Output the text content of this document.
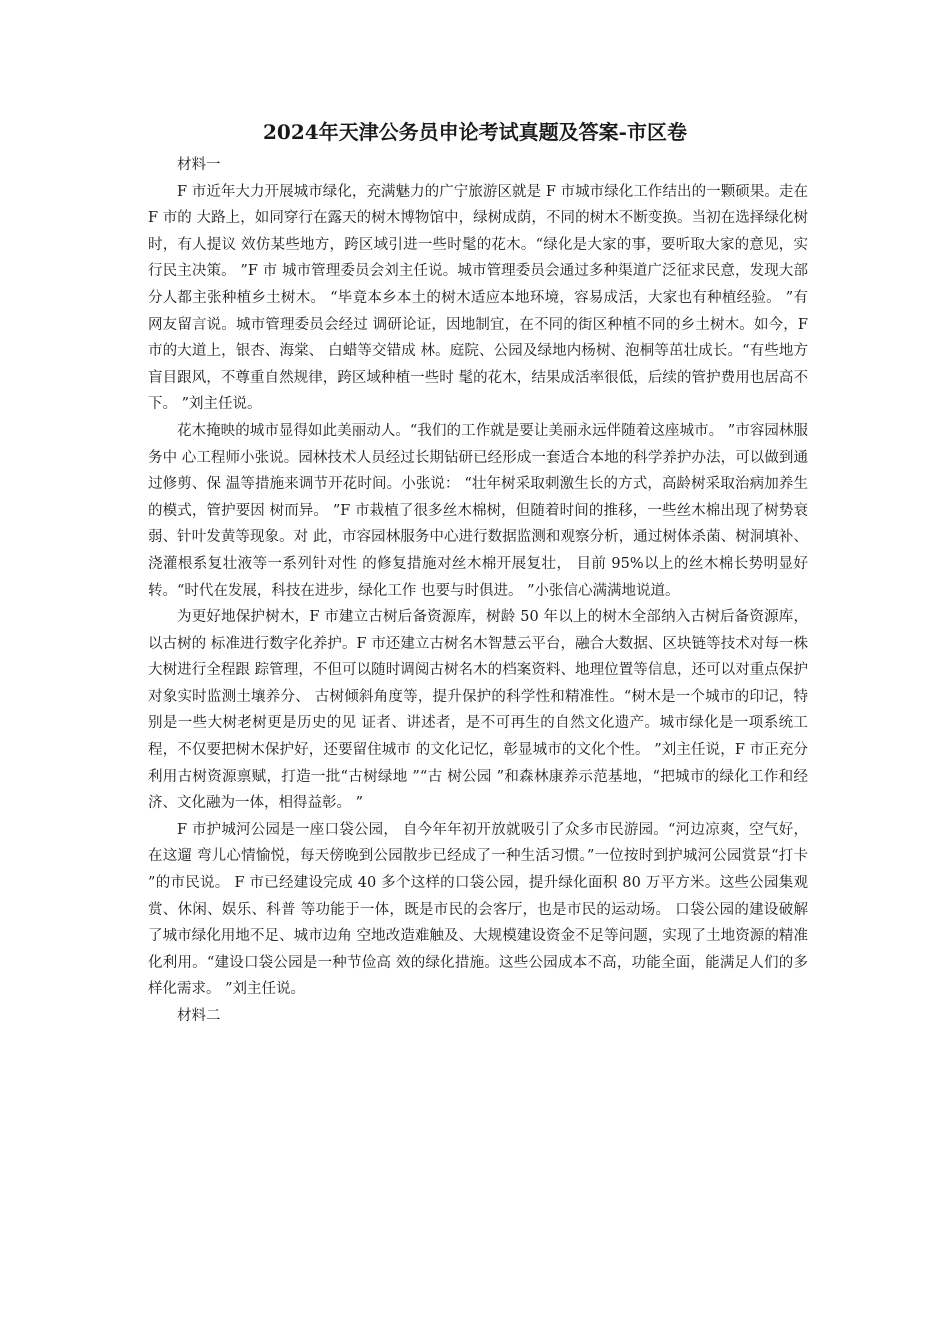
2024年天津公务员申论考试真题及答案-市区卷

材料一

F 市近年大力开展城市绿化，充满魅力的广宁旅游区就是 F 市城市绿化工作结出的一颗硕果。走在 F 市的 大路上，如同穿行在露天的树木博物馆中，绿树成荫，不同的树木不断变换。当初在选择绿化树时，有人提议 效仿某些地方，跨区域引进一些时髦的花木。“绿化是大家的事，要听取大家的意见，实行民主决策。 ”F 市 城市管理委员会刘主任说。城市管理委员会通过多种渠道广泛征求民意，发现大部分人都主张种植乡土树木。 “毕竟本乡本土的树木适应本地环境，容易成活，大家也有种植经验。 ”有网友留言说。城市管理委员会经过 调研论证，因地制宜，在不同的街区种植不同的乡土树木。如今，F 市的大道上，银杏、海棠、 白蜡等交错成 林。庭院、公园及绿地内杨树、泡桐等茁壮成长。“有些地方盲目跟风，不尊重自然规律，跨区域种植一些时 髦的花木，结果成活率很低，后续的管护费用也居高不下。 ”刘主任说。

花木掩映的城市显得如此美丽动人。“我们的工作就是要让美丽永远伴随着这座城市。 ”市容园林服务中 心工程师小张说。园林技术人员经过长期钻研已经形成一套适合本地的科学养护办法，可以做到通过修剪、保 温等措施来调节开花时间。小张说： “壮年树采取刺激生长的方式，高龄树采取治病加养生的模式，管护要因 树而异。 ”F 市栽植了很多丝木棉树，但随着时间的推移，一些丝木棉出现了树势衰弱、针叶发黄等现象。对 此，市容园林服务中心进行数据监测和观察分析，通过树体杀菌、树洞填补、浇灌根系复壮液等一系列针对性 的修复措施对丝木棉开展复壮， 目前 95%以上的丝木棉长势明显好转。“时代在发展，科技在进步，绿化工作 也要与时俱进。 ”小张信心满满地说道。

为更好地保护树木，F 市建立古树后备资源库，树龄 50 年以上的树木全部纳入古树后备资源库，以古树的 标准进行数字化养护。F 市还建立古树名木智慧云平台，融合大数据、区块链等技术对每一株大树进行全程跟 踪管理，不但可以随时调阅古树名木的档案资料、地理位置等信息，还可以对重点保护对象实时监测土壤养分、 古树倾斜角度等，提升保护的科学性和精准性。“树木是一个城市的印记，特别是一些大树老树更是历史的见 证者、讲述者，是不可再生的自然文化遗产。城市绿化是一项系统工程，不仅要把树木保护好，还要留住城市 的文化记忆，彰显城市的文化个性。 ”刘主任说，F 市正充分利用古树资源禀赋，打造一批“古树绿地 ”“古 树公园 ”和森林康养示范基地，“把城市的绿化工作和经济、文化融为一体，相得益彰。 ”

F 市护城河公园是一座口袋公园， 自今年年初开放就吸引了众多市民游园。“河边凉爽，空气好，在这遛 弯儿心情愉悦，每天傍晚到公园散步已经成了一种生活习惯。”一位按时到护城河公园赏景“打卡 ”的市民说。 F 市已经建设完成 40 多个这样的口袋公园，提升绿化面积 80 万平方米。这些公园集观赏、休闲、娱乐、科普 等功能于一体，既是市民的会客厅，也是市民的运动场。 口袋公园的建设破解了城市绿化用地不足、城市边角 空地改造难触及、大规模建设资金不足等问题，实现了土地资源的精准化利用。“建设口袋公园是一种节俭高 效的绿化措施。这些公园成本不高，功能全面，能满足人们的多样化需求。 ”刘主任说。

材料二
